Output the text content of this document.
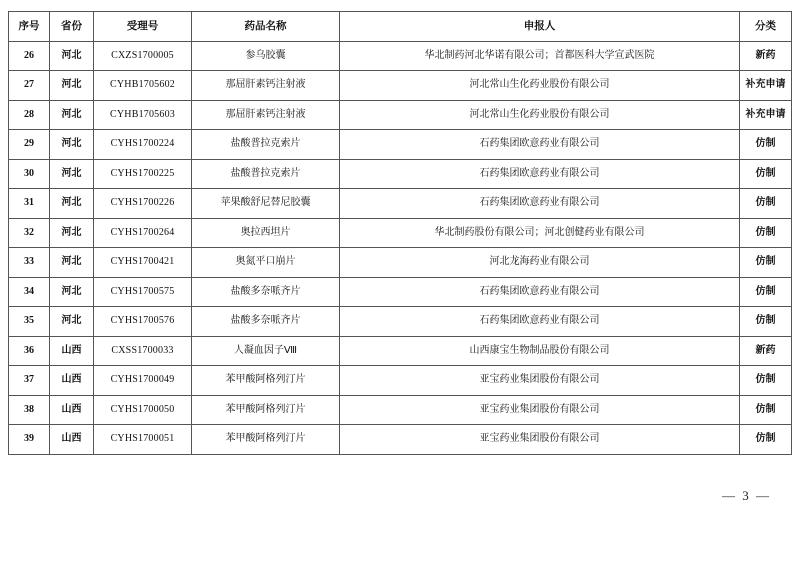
序号	省份	受理号	药品名称	申报人	分类
26	河北	CXZS1700005	参乌胶囊	华北制药河北华诺有限公司；首都医科大学宣武医院	新药
27	河北	CYHB1705602	那屈肝素钙注射液	河北常山生化药业股份有限公司	补充申请
28	河北	CYHB1705603	那屈肝素钙注射液	河北常山生化药业股份有限公司	补充申请
29	河北	CYHS1700224	盐酸普拉克索片	石药集团欧意药业有限公司	仿制
30	河北	CYHS1700225	盐酸普拉克索片	石药集团欧意药业有限公司	仿制
31	河北	CYHS1700226	苹果酸舒尼替尼胶囊	石药集团欧意药业有限公司	仿制
32	河北	CYHS1700264	奥拉西坦片	华北制药股份有限公司；河北创健药业有限公司	仿制
33	河北	CYHS1700421	奥氮平口崩片	河北龙海药业有限公司	仿制
34	河北	CYHS1700575	盐酸多奈哌齐片	石药集团欧意药业有限公司	仿制
35	河北	CYHS1700576	盐酸多奈哌齐片	石药集团欧意药业有限公司	仿制
36	山西	CXSS1700033	人凝血因子Ⅷ	山西康宝生物制品股份有限公司	新药
37	山西	CYHS1700049	苯甲酸阿格列汀片	亚宝药业集团股份有限公司	仿制
38	山西	CYHS1700050	苯甲酸阿格列汀片	亚宝药业集团股份有限公司	仿制
39	山西	CYHS1700051	苯甲酸阿格列汀片	亚宝药业集团股份有限公司	仿制
— 3 —
